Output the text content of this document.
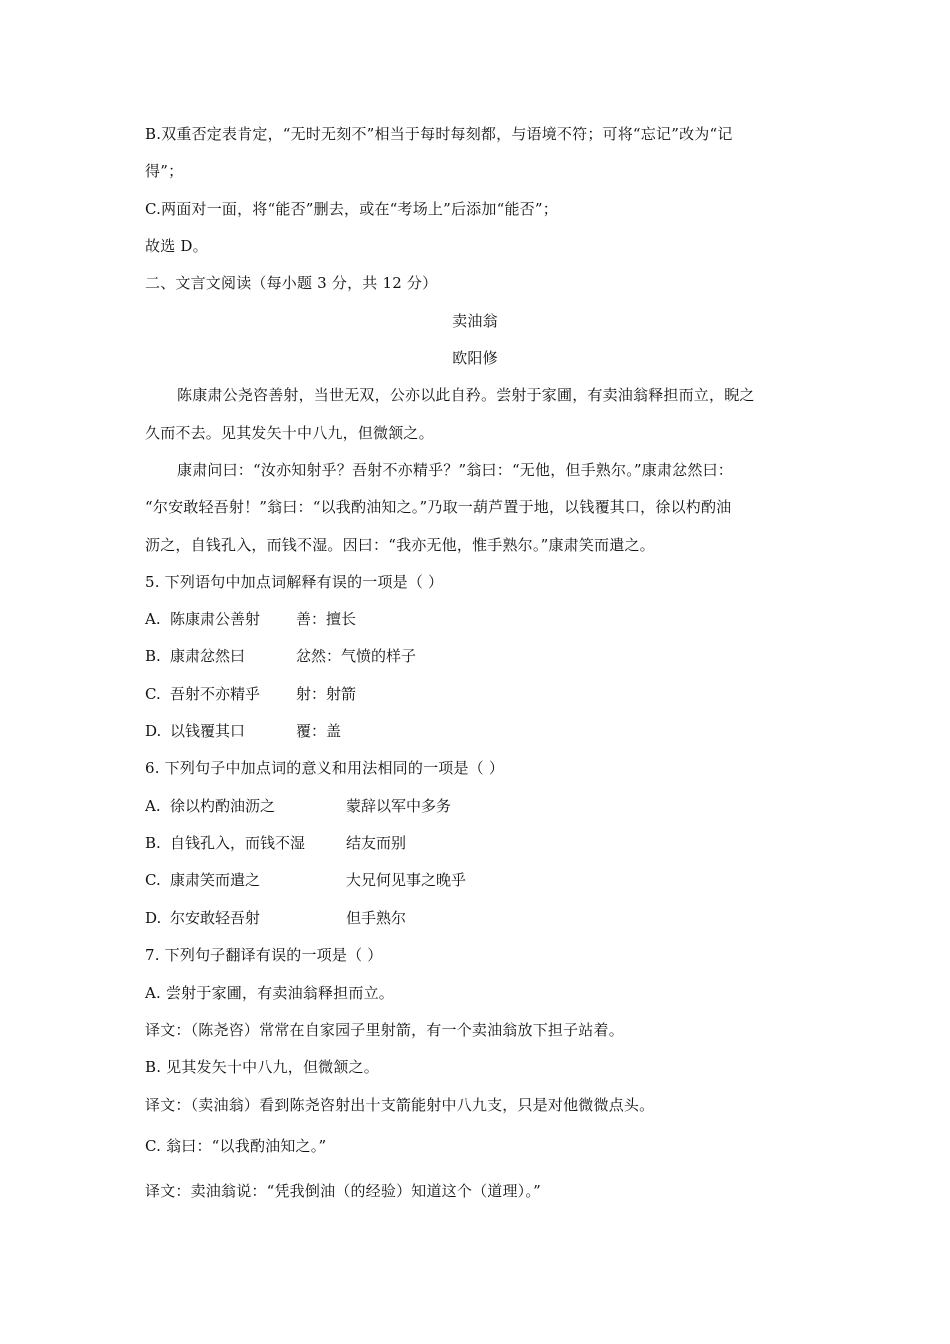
B.双重否定表肯定，“无时无刻不”相当于每时每刻都，与语境不符；可将“忘记”改为“记
得”；
C.两面对一面，将“能否”删去，或在“考场上”后添加“能否”；
故选 D。
二、文言文阅读（每小题 3 分，共 12 分）
卖油翁
欧阳修
陈康肃公尧咨善射，当世无双，公亦以此自矜。尝射于家圃，有卖油翁释担而立，睨之
久而不去。见其发矢十中八九，但微颔之。
康肃问曰：“汝亦知射乎？吾射不亦精乎？”翁曰：“无他，但手熟尔。”康肃忿然曰：
“尔安敢轻吾射！”翁曰：“以我酌油知之。”乃取一葫芦置于地，以钱覆其口，徐以杓酌油
沥之，自钱孔入，而钱不湿。因曰：“我亦无他，惟手熟尔。”康肃笑而遣之。
5. 下列语句中加点词解释有误的一项是（ ）
A. 陈康肃公善射 善：擅长
B. 康肃忿然曰	忿然：气愤的样子
C. 吾射不亦精乎 射：射箭
D. 以钱覆其口	覆：盖
6. 下列句子中加点词的意义和用法相同的一项是（ ）
A. 徐以杓酌油沥之	蒙辞以军中多务
B. 自钱孔入，而钱不湿	结友而别
C. 康肃笑而遣之	大兄何见事之晚乎
D. 尔安敢轻吾射	但手熟尔
7. 下列句子翻译有误的一项是（ ）
A. 尝射于家圃，有卖油翁释担而立。
译文：（陈尧咨）常常在自家园子里射箭，有一个卖油翁放下担子站着。
B. 见其发矢十中八九，但微颔之。
译文：（卖油翁）看到陈尧咨射出十支箭能射中八九支，只是对他微微点头。
C. 翁曰：“以我酌油知之。”
译文：卖油翁说：“凭我倒油（的经验）知道这个（道理）。”
